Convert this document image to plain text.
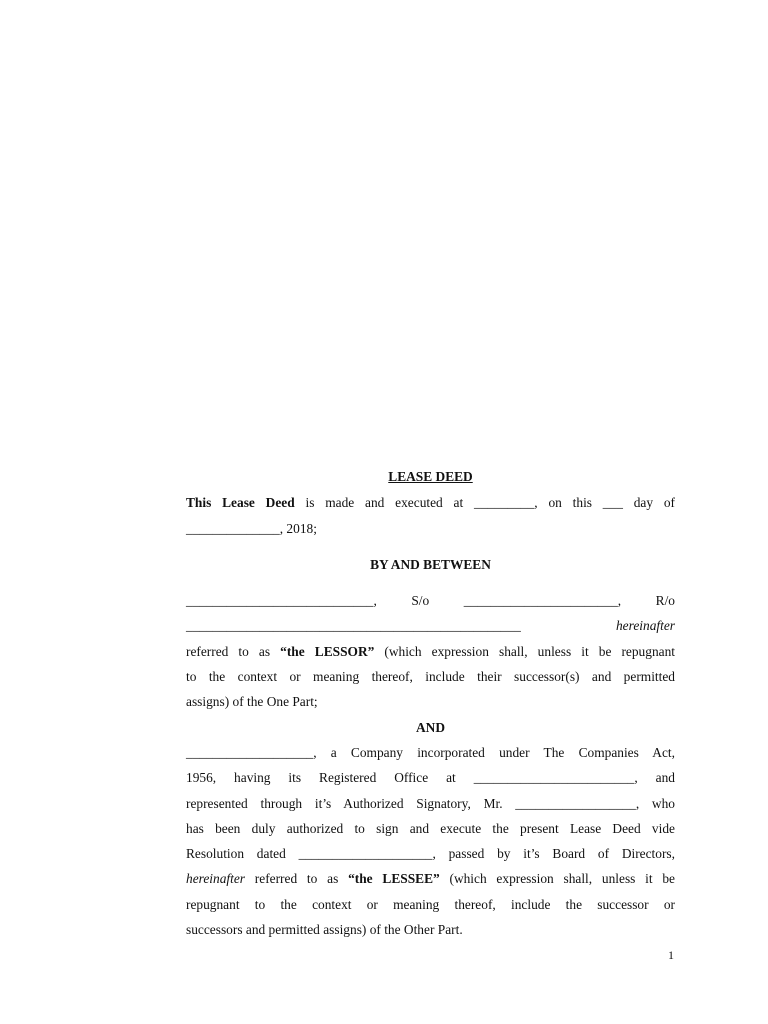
LEASE DEED
This Lease Deed is made and executed at _________, on this ___ day of
______________, 2018;
BY AND BETWEEN
____________________________,	S/o	_______________________,	R/o
__________________________________________________	hereinafter
referred to as “the LESSOR” (which expression shall, unless it be repugnant
to the context or meaning thereof, include their successor(s) and permitted
assigns) of the One Part;
AND
___________________, a Company incorporated under The Companies Act,
1956, having its Registered Office at ________________________, and
represented through it’s Authorized Signatory, Mr. __________________, who
has been duly authorized to sign and execute the present Lease Deed vide
Resolution dated ____________________, passed by it’s Board of Directors,
hereinafter referred to as “the LESSEE” (which expression shall, unless it be
repugnant to the context or meaning thereof, include the successor or
successors and permitted assigns) of the Other Part.
1
